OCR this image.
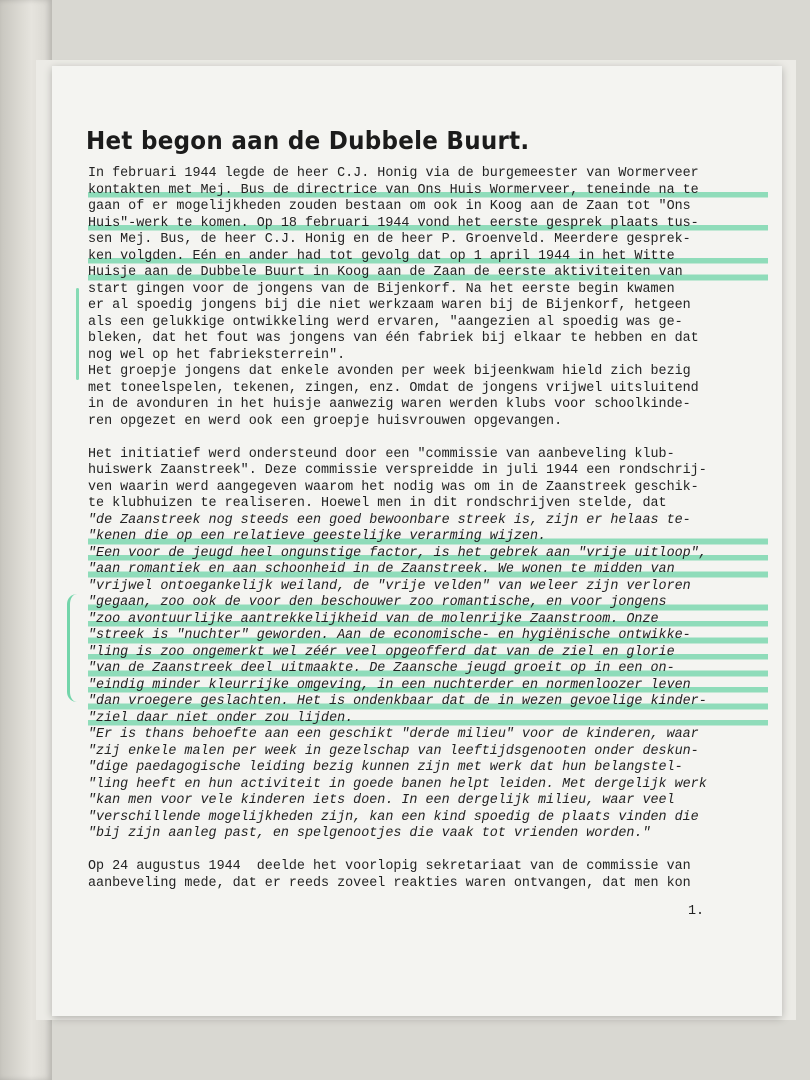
Het begon aan de Dubbele Buurt.
In februari 1944 legde de heer C.J. Honig via de burgemeester van Wormerveer
kontakten met Mej. Bus de directrice van Ons Huis Wormerveer, teneinde na te
gaan of er mogelijkheden zouden bestaan om ook in Koog aan de Zaan tot "Ons
Huis"-werk te komen. Op 18 februari 1944 vond het eerste gesprek plaats tus-
sen Mej. Bus, de heer C.J. Honig en de heer P. Groenveld. Meerdere gesprek-
ken volgden. Eén en ander had tot gevolg dat op 1 april 1944 in het Witte
Huisje aan de Dubbele Buurt in Koog aan de Zaan de eerste aktiviteiten van
start gingen voor de jongens van de Bijenkorf. Na het eerste begin kwamen
er al spoedig jongens bij die niet werkzaam waren bij de Bijenkorf, hetgeen
als een gelukkige ontwikkeling werd ervaren, "aangezien al spoedig was ge-
bleken, dat het fout was jongens van één fabriek bij elkaar te hebben en dat
nog wel op het fabrieksterrein".
Het groepje jongens dat enkele avonden per week bijeenkwam hield zich bezig
met toneelspelen, tekenen, zingen, enz. Omdat de jongens vrijwel uitsluitend
in de avonduren in het huisje aanwezig waren werden klubs voor schoolkinde-
ren opgezet en werd ook een groepje huisvrouwen opgevangen.
Het initiatief werd ondersteund door een "commissie van aanbeveling klub-
huiswerk Zaanstreek". Deze commissie verspreidde in juli 1944 een rondschrij-
ven waarin werd aangegeven waarom het nodig was om in de Zaanstreek geschik-
te klubhuizen te realiseren. Hoewel men in dit rondschrijven stelde, dat
"de Zaanstreek nog steeds een goed bewoonbare streek is, zijn er helaas te-
"kenen die op een relatieve geestelijke verarming wijzen.
"Een voor de jeugd heel ongunstige factor, is het gebrek aan "vrije uitloop",
"aan romantiek en aan schoonheid in de Zaanstreek. We wonen te midden van
"vrijwel ontoegankelijk weiland, de "vrije velden" van weleer zijn verloren
"gegaan, zoo ook de voor den beschouwer zoo romantische, en voor jongens
"zoo avontuurlijke aantrekkelijkheid van de molenrijke Zaanstroom. Onze
"streek is "nuchter" geworden. Aan de economische- en hygiënische ontwikke-
"ling is zoo ongemerkt wel zéér veel opgeofferd dat van de ziel en glorie
"van de Zaanstreek deel uitmaakte. De Zaansche jeugd groeit op in een on-
"eindig minder kleurrijke omgeving, in een nuchterder en normenloozer leven
"dan vroegere geslachten. Het is ondenkbaar dat de in wezen gevoelige kinder-
"ziel daar niet onder zou lijden.
"Er is thans behoefte aan een geschikt "derde milieu" voor de kinderen, waar
"zij enkele malen per week in gezelschap van leeftijdsgenooten onder deskun-
"dige paedagogische leiding bezig kunnen zijn met werk dat hun belangstel-
"ling heeft en hun activiteit in goede banen helpt leiden. Met dergelijk werk
"kan men voor vele kinderen iets doen. In een dergelijk milieu, waar veel
"verschillende mogelijkheden zijn, kan een kind spoedig de plaats vinden die
"bij zijn aanleg past, en spelgenootjes die vaak tot vrienden worden."
Op 24 augustus 1944  deelde het voorlopig sekretariaat van de commissie van
aanbeveling mede, dat er reeds zoveel reakties waren ontvangen, dat men kon
1.
